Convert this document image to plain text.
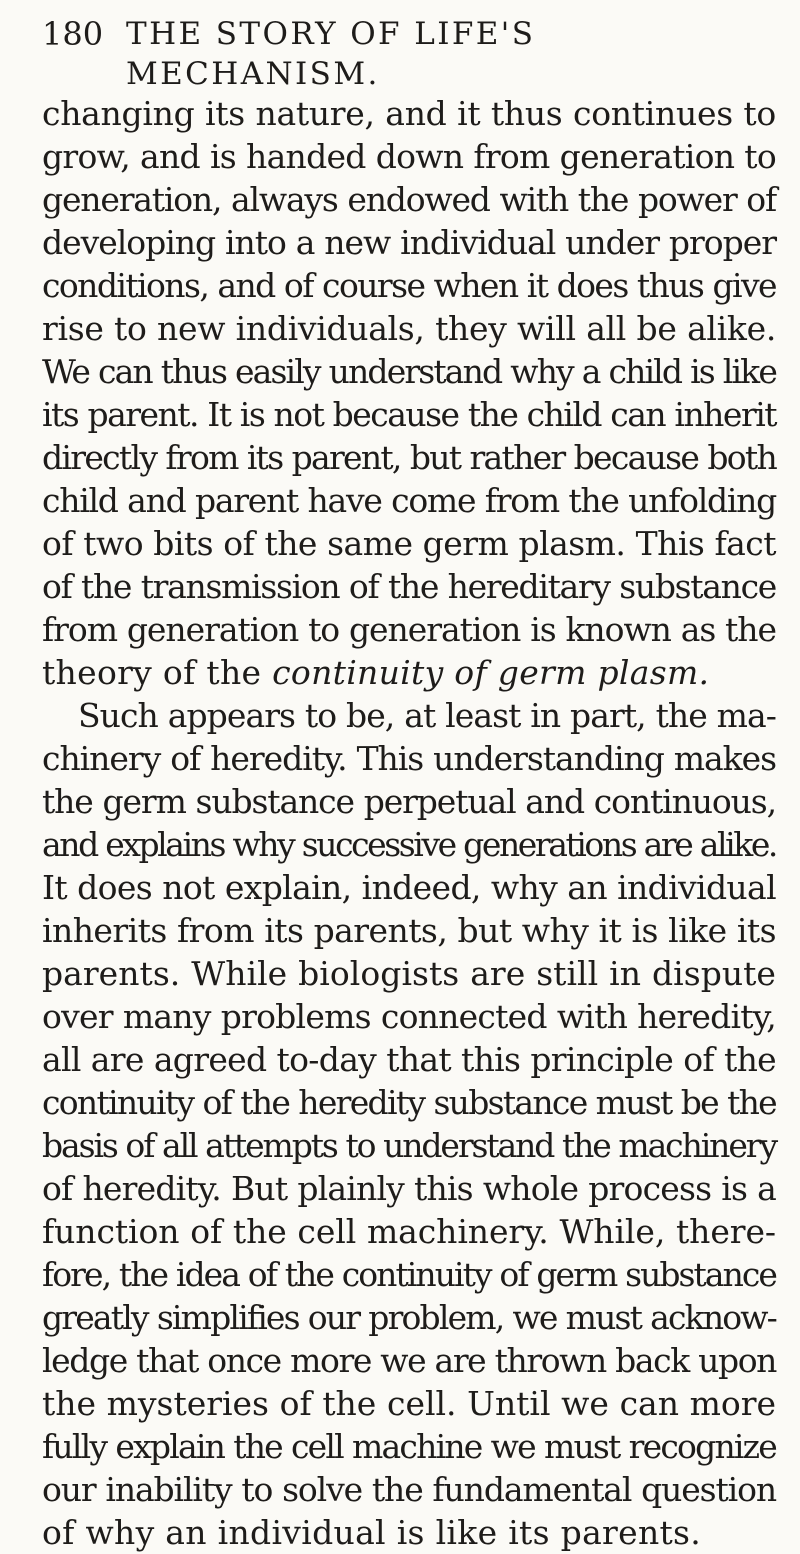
180 THE STORY OF LIFE'S MECHANISM.
changing its nature, and it thus continues to
grow, and is handed down from generation to
generation, always endowed with the power of
developing into a new individual under proper
conditions, and of course when it does thus give
rise to new individuals, they will all be alike.
We can thus easily understand why a child is like
its parent. It is not because the child can inherit
directly from its parent, but rather because both
child and parent have come from the unfolding
of two bits of the same germ plasm. This fact
of the transmission of the hereditary substance
from generation to generation is known as the
theory of the continuity of germ plasm.
Such appears to be, at least in part, the ma-
chinery of heredity. This understanding makes
the germ substance perpetual and continuous,
and explains why successive generations are alike.
It does not explain, indeed, why an individual
inherits from its parents, but why it is like its
parents. While biologists are still in dispute
over many problems connected with heredity,
all are agreed to-day that this principle of the
continuity of the heredity substance must be the
basis of all attempts to understand the machinery
of heredity. But plainly this whole process is a
function of the cell machinery. While, there-
fore, the idea of the continuity of germ substance
greatly simplifies our problem, we must acknow-
ledge that once more we are thrown back upon
the mysteries of the cell. Until we can more
fully explain the cell machine we must recognize
our inability to solve the fundamental question
of why an individual is like its parents.
